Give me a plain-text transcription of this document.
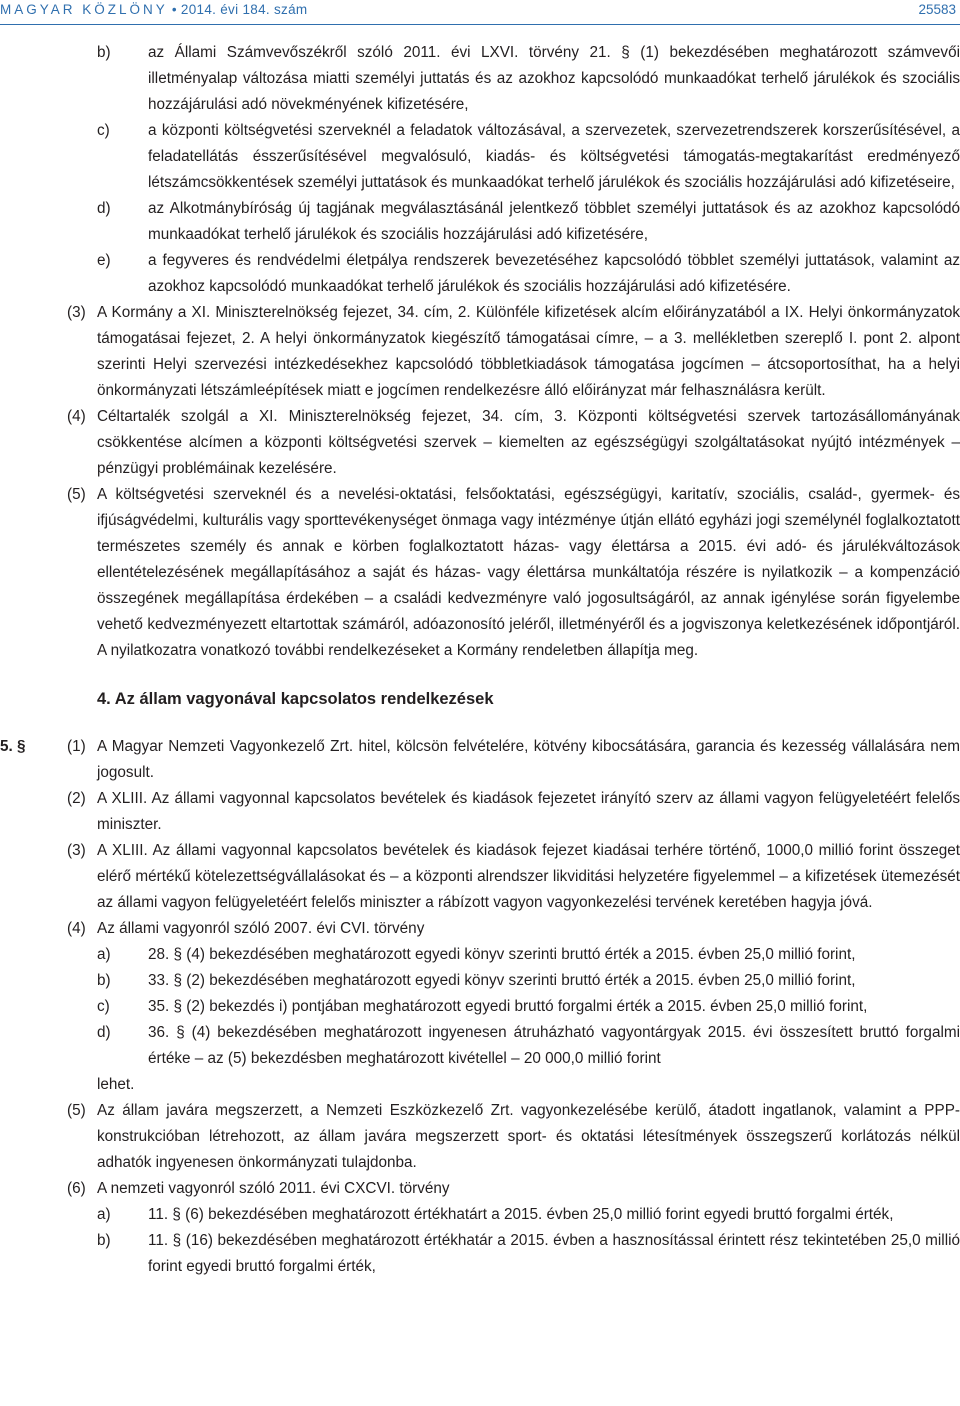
MAGYAR KÖZLÖNY • 2014. évi 184. szám	25583
b) az Állami Számvevőszékről szóló 2011. évi LXVI. törvény 21. § (1) bekezdésében meghatározott számvevői illetményalap változása miatti személyi juttatás és az azokhoz kapcsolódó munkaadókat terhelő járulékok és szociális hozzájárulási adó növekményének kifizetésére,
c)	a központi költségvetési szerveknél a feladatok változásával, a szervezetek, szervezetrendszerek korszerűsítésével, a feladatellátás ésszerűsítésével megvalósuló, kiadás- és költségvetési támogatás-megtakarítást eredményező létszámcsökkentések személyi juttatások és munkaadókat terhelő járulékok és szociális hozzájárulási adó kifizetéseire,
d) az Alkotmánybíróság új tagjának megválasztásánál jelentkező többlet személyi juttatások és az azokhoz kapcsolódó munkaadókat terhelő járulékok és szociális hozzájárulási adó kifizetésére,
e) a fegyveres és rendvédelmi életpálya rendszerek bevezetéséhez kapcsolódó többlet személyi juttatások, valamint az azokhoz kapcsolódó munkaadókat terhelő járulékok és szociális hozzájárulási adó kifizetésére.
(3) A Kormány a XI. Miniszterelnökség fejezet, 34. cím, 2. Különféle kifizetések alcím előirányzatából a IX. Helyi önkormányzatok támogatásai fejezet, 2. A helyi önkormányzatok kiegészítő támogatásai címre, – a 3. mellékletben szereplő I. pont 2. alpont szerinti Helyi szervezési intézkedésekhez kapcsolódó többletkiadások támogatása jogcímen – átcsoportosíthat, ha a helyi önkormányzati létszámleépítések miatt e jogcímen rendelkezésre álló előirányzat már felhasználásra került.
(4) Céltartalék szolgál a XI. Miniszterelnökség fejezet, 34. cím, 3. Központi költségvetési szervek tartozásállományának csökkentése alcímen a központi költségvetési szervek – kiemelten az egészségügyi szolgáltatásokat nyújtó intézmények – pénzügyi problémáinak kezelésére.
(5) A költségvetési szerveknél és a nevelési-oktatási, felsőoktatási, egészségügyi, karitatív, szociális, család-, gyermek- és ifjúságvédelmi, kulturális vagy sporttevékenységet önmaga vagy intézménye útján ellátó egyházi jogi személynél foglalkoztatott természetes személy és annak e körben foglalkoztatott házas- vagy élettársa a 2015. évi adó- és járulékváltozások ellentételezésének megállapításához a saját és házas- vagy élettársa munkáltatója részére is nyilatkozik – a kompenzáció összegének megállapítása érdekében – a családi kedvezményre való jogosultságáról, az annak igénylése során figyelembe vehető kedvezményezett eltartottak számáról, adóazonosító jeléről, illetményéről és a jogviszonya keletkezésének időpontjáról. A nyilatkozatra vonatkozó további rendelkezéseket a Kormány rendeletben állapítja meg.
4. Az állam vagyonával kapcsolatos rendelkezések
5. §	(1) A Magyar Nemzeti Vagyonkezelő Zrt. hitel, kölcsön felvételére, kötvény kibocsátására, garancia és kezesség vállalására nem jogosult.
(2) A XLIII. Az állami vagyonnal kapcsolatos bevételek és kiadások fejezetet irányító szerv az állami vagyon felügyeletéért felelős miniszter.
(3) A XLIII. Az állami vagyonnal kapcsolatos bevételek és kiadások fejezet kiadásai terhére történő, 1000,0 millió forint összeget elérő mértékű kötelezettségvállalásokat és – a központi alrendszer likviditási helyzetére figyelemmel – a kifizetések ütemezését az állami vagyon felügyeletéért felelős miniszter a rábízott vagyon vagyonkezelési tervének keretében hagyja jóvá.
(4) Az állami vagyonról szóló 2007. évi CVI. törvény
a) 28. § (4) bekezdésében meghatározott egyedi könyv szerinti bruttó érték a 2015. évben 25,0 millió forint,
b) 33. § (2) bekezdésében meghatározott egyedi könyv szerinti bruttó érték a 2015. évben 25,0 millió forint,
c)	35. § (2) bekezdés i) pontjában meghatározott egyedi bruttó forgalmi érték a 2015. évben 25,0 millió forint,
d) 36. § (4) bekezdésében meghatározott ingyenesen átruházható vagyontárgyak 2015. évi összesített bruttó forgalmi értéke – az (5) bekezdésben meghatározott kivétellel – 20 000,0 millió forint
lehet.
(5) Az állam javára megszerzett, a Nemzeti Eszközkezelő Zrt. vagyonkezelésébe kerülő, átadott ingatlanok, valamint a PPP-konstrukcióban létrehozott, az állam javára megszerzett sport- és oktatási létesítmények összegszerű korlátozás nélkül adhatók ingyenesen önkormányzati tulajdonba.
(6) A nemzeti vagyonról szóló 2011. évi CXCVI. törvény
a) 11. § (6) bekezdésében meghatározott értékhatárt a 2015. évben 25,0 millió forint egyedi bruttó forgalmi érték,
b) 11. § (16) bekezdésében meghatározott értékhatár a 2015. évben a hasznosítással érintett rész tekintetében 25,0 millió forint egyedi bruttó forgalmi érték,
